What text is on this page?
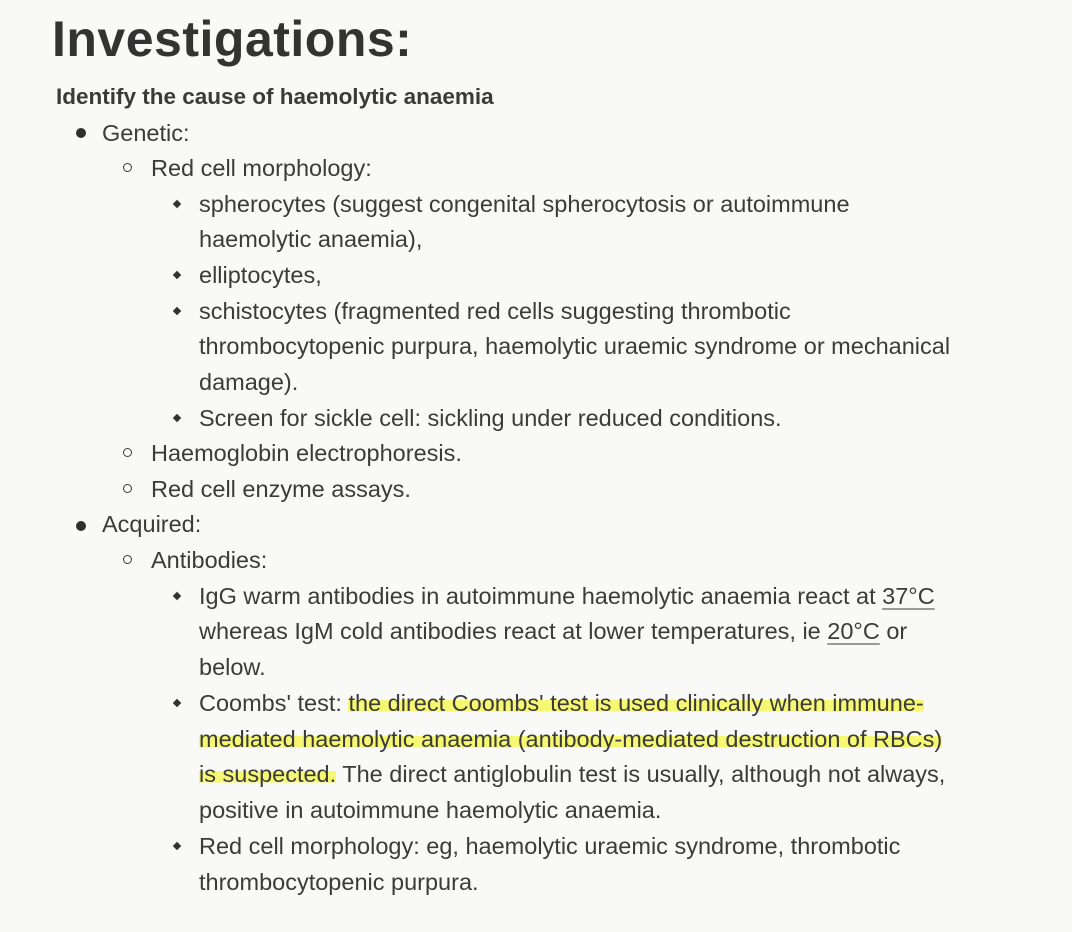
Investigations:
Identify the cause of haemolytic anaemia
Genetic:
Red cell morphology:
spherocytes (suggest congenital spherocytosis or autoimmune
haemolytic anaemia),
elliptocytes,
schistocytes (fragmented red cells suggesting thrombotic
thrombocytopenic purpura, haemolytic uraemic syndrome or mechanical
damage).
Screen for sickle cell: sickling under reduced conditions.
Haemoglobin electrophoresis.
Red cell enzyme assays.
Acquired:
Antibodies:
IgG warm antibodies in autoimmune haemolytic anaemia react at 37°C
whereas IgM cold antibodies react at lower temperatures, ie 20°C or
below.
Coombs' test: the direct Coombs' test is used clinically when immune-
mediated haemolytic anaemia (antibody-mediated destruction of RBCs)
is suspected. The direct antiglobulin test is usually, although not always,
positive in autoimmune haemolytic anaemia.
Red cell morphology: eg, haemolytic uraemic syndrome, thrombotic
thrombocytopenic purpura.
